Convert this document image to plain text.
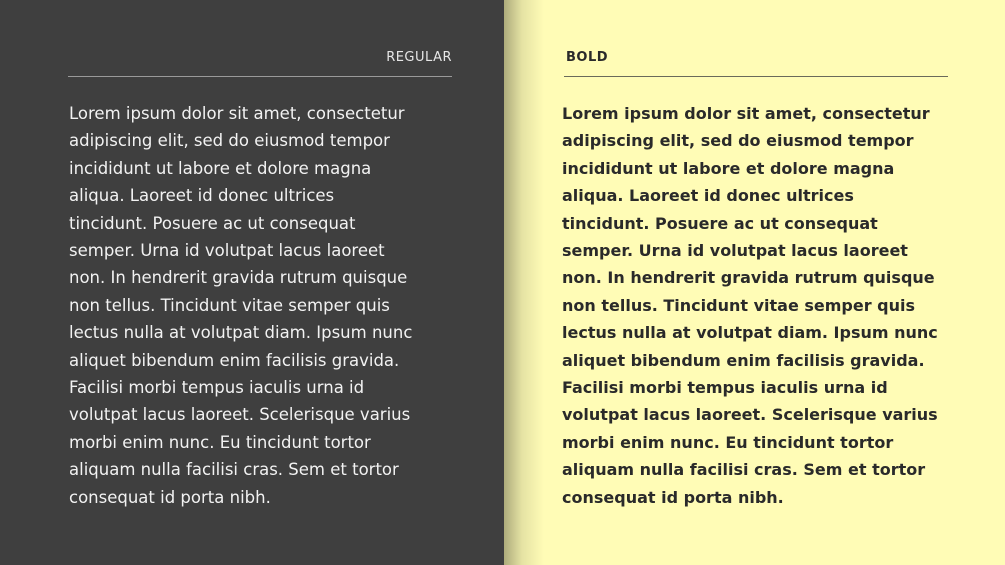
REGULAR

Lorem ipsum dolor sit amet, consectetur
adipiscing elit, sed do eiusmod tempor
incididunt ut labore et dolore magna
aliqua. Laoreet id donec ultrices
tincidunt. Posuere ac ut consequat
semper. Urna id volutpat lacus laoreet
non. In hendrerit gravida rutrum quisque
non tellus. Tincidunt vitae semper quis
lectus nulla at volutpat diam. Ipsum nunc
aliquet bibendum enim facilisis gravida.
Facilisi morbi tempus iaculis urna id
volutpat lacus laoreet. Scelerisque varius
morbi enim nunc. Eu tincidunt tortor
aliquam nulla facilisi cras. Sem et tortor
consequat id porta nibh.

BOLD

Lorem ipsum dolor sit amet, consectetur
adipiscing elit, sed do eiusmod tempor
incididunt ut labore et dolore magna
aliqua. Laoreet id donec ultrices
tincidunt. Posuere ac ut consequat
semper. Urna id volutpat lacus laoreet
non. In hendrerit gravida rutrum quisque
non tellus. Tincidunt vitae semper quis
lectus nulla at volutpat diam. Ipsum nunc
aliquet bibendum enim facilisis gravida.
Facilisi morbi tempus iaculis urna id
volutpat lacus laoreet. Scelerisque varius
morbi enim nunc. Eu tincidunt tortor
aliquam nulla facilisi cras. Sem et tortor
consequat id porta nibh.
